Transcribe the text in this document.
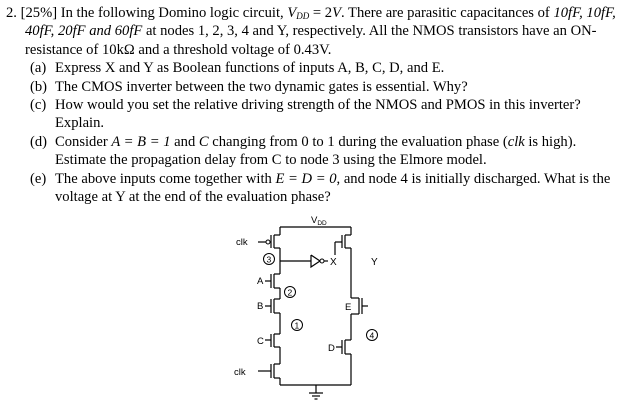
2. [25%] In the following Domino logic circuit, $V_{DD} = 2V$. There are parasitic capacitances of 10fF, 10fF, 40fF, 20fF and 60fF at nodes 1, 2, 3, 4 and Y, respectively. All the NMOS transistors have an ON-resistance of 10kΩ and a threshold voltage of 0.43V.
(a) Express X and Y as Boolean functions of inputs A, B, C, D, and E.
(b) The CMOS inverter between the two dynamic gates is essential. Why?
(c) How would you set the relative driving strength of the NMOS and PMOS in this inverter? Explain.
(d) Consider A = B = 1 and C changing from 0 to 1 during the evaluation phase (clk is high). Estimate the propagation delay from C to node 3 using the Elmore model.
(e) The above inputs come together with E = D = 0, and node 4 is initially discharged. What is the voltage at Y at the end of the evaluation phase?
$V_{DD}$
clk
3	X
A
2
B
1
C
clk
Y
E
4
D
